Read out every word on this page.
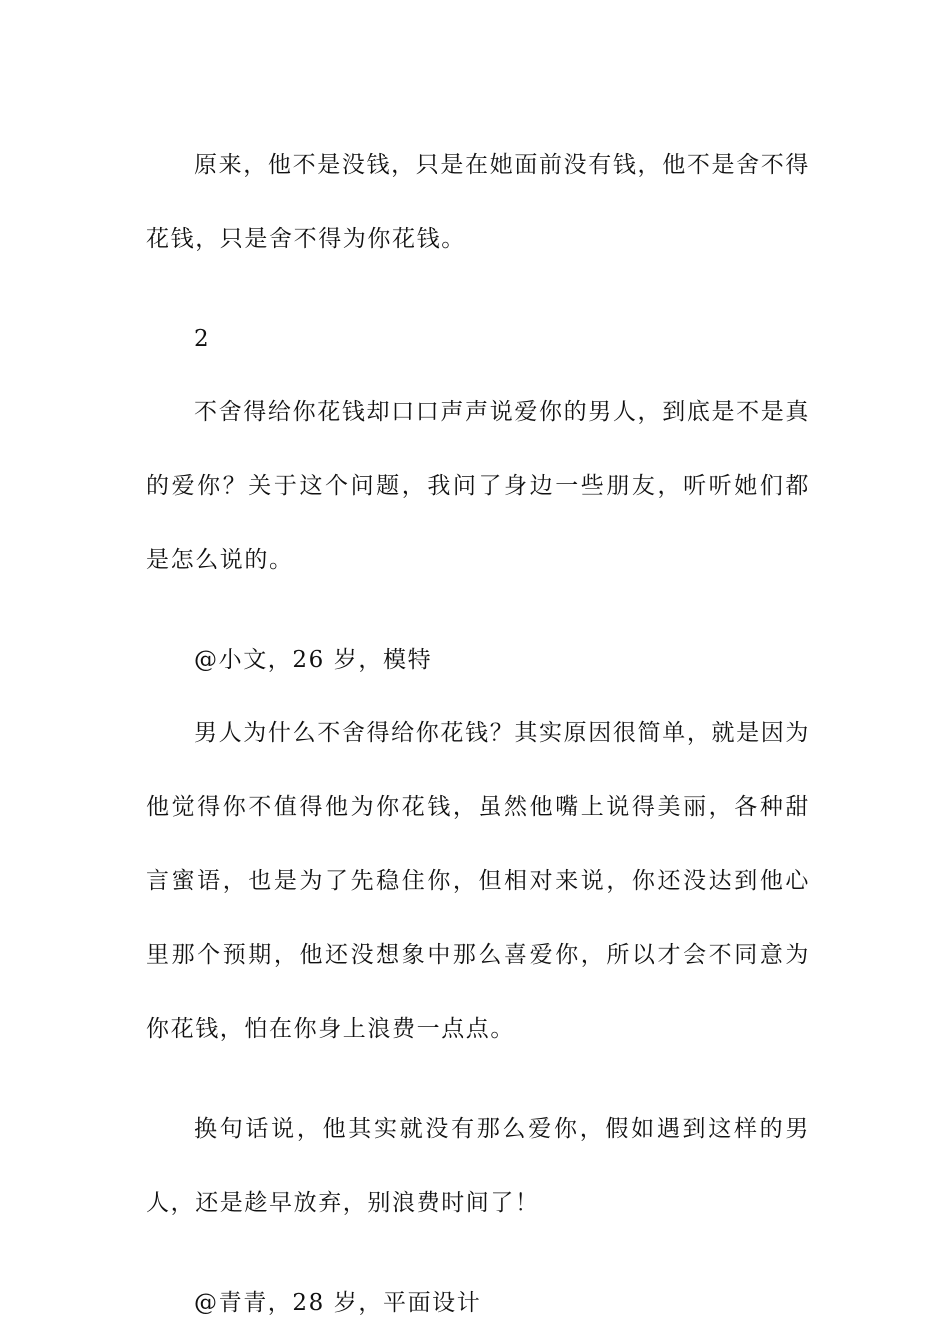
原来，他不是没钱，只是在她面前没有钱，他不是舍不得花钱，只是舍不得为你花钱。

2

不舍得给你花钱却口口声声说爱你的男人，到底是不是真的爱你？关于这个问题，我问了身边一些朋友，听听她们都是怎么说的。

@小文，26 岁，模特

男人为什么不舍得给你花钱？其实原因很简单，就是因为他觉得你不值得他为你花钱，虽然他嘴上说得美丽，各种甜言蜜语，也是为了先稳住你，但相对来说，你还没达到他心里那个预期，他还没想象中那么喜爱你，所以才会不同意为你花钱，怕在你身上浪费一点点。

换句话说，他其实就没有那么爱你，假如遇到这样的男人，还是趁早放弃，别浪费时间了！

@青青，28 岁，平面设计
